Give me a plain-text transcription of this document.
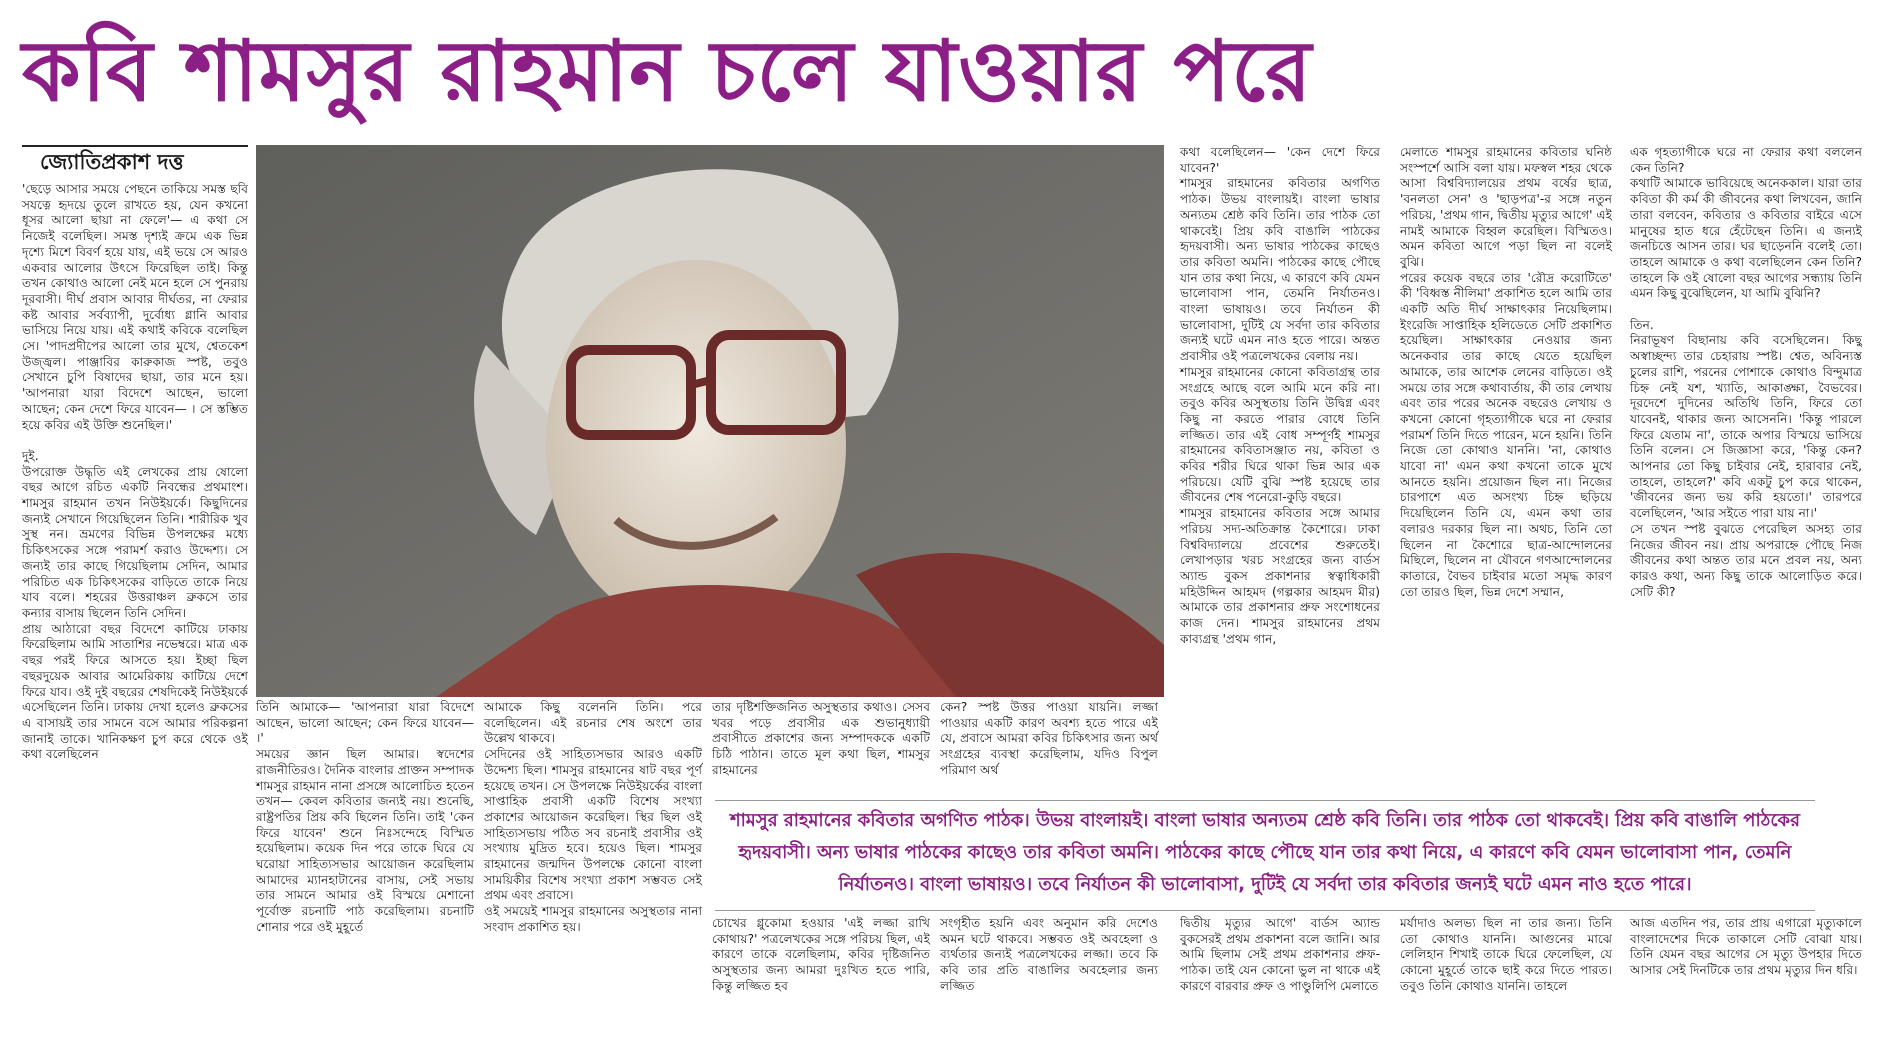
কবি শামসুর রাহমান চলে যাওয়ার পরে
জ্যোতিপ্রকাশ দত্ত

'ছেড়ে আসার সময়ে পেছনে তাকিয়ে সমস্ত ছবি সযত্নে হৃদয়ে তুলে রাখতে হয়, যেন কখনো ধূসর আলো ছায়া না ফেলে'— এ কথা সে নিজেই বলেছিল। সমস্ত দৃশ্যই ক্রমে এক ভিন্ন দৃশ্যে মিশে বিবর্ণ হয়ে যায়, এই ভয়ে সে আরও একবার আলোর উৎসে ফিরেছিল তাই। কিন্তু তখন কোথাও আলো নেই মনে হলে সে পুনরায় দূরবাসী। দীর্ঘ প্রবাস আবার দীর্ঘতর, না ফেরার কষ্ট আবার সর্বব্যাপী, দুর্বোধ্য গ্লানি আবার ভাসিয়ে নিয়ে যায়। এই কথাই কবিকে বলেছিল সে। 'পাদপ্রদীপের আলো তার মুখে, শ্বেতকেশ উজ্জ্বল। পাঞ্জাবির কারুকাজ স্পষ্ট, তবুও সেখানে চুপি বিষাদের ছায়া, তার মনে হয়। 'আপনারা যারা বিদেশে আছেন, ভালো আছেন; কেন দেশে ফিরে যাবেন— । সে স্তম্ভিত হয়ে কবির এই উক্তি শুনেছিল।'

দুই.
উপরোক্ত উদ্ধৃতি এই লেখকের প্রায় ষোলো বছর আগে রচিত একটি নিবন্ধের প্রথমাংশ। শামসুর রাহমান তখন নিউইয়র্কে। কিছুদিনের জন্যই সেখানে গিয়েছিলেন তিনি। শারীরিক খুব সুস্থ নন। ভ্রমণের বিভিন্ন উপলক্ষের মধ্যে চিকিৎসকের সঙ্গে পরামর্শ করাও উদ্দেশ্য। সে জন্যই তার কাছে গিয়েছিলাম সেদিন, আমার পরিচিত এক চিকিৎসকের বাড়িতে তাকে নিয়ে যাব বলে। শহরের উত্তরাঞ্চল ব্রুকসে তার কন্যার বাসায় ছিলেন তিনি সেদিন।
প্রায় আঠারো বছর বিদেশে কাটিয়ে ঢাকায় ফিরেছিলাম আমি সাতাশির নভেম্বরে। মাত্র এক বছর পরই ফিরে আসতে হয়। ইচ্ছা ছিল বছরদুয়েক আবার আমেরিকায় কাটিয়ে দেশে ফিরে যাব। ওই দুই বছরের শেষদিকেই নিউইয়র্কে এসেছিলেন তিনি। ঢাকায় দেখা হলেও ব্রুকসের এ বাসায়ই তার সামনে বসে আমার পরিকল্পনা জানাই তাকে। খানিকক্ষণ চুপ করে থেকে ওই কথা বলেছিলেন

তিনি আমাকে— 'আপনারা যারা বিদেশে আছেন, ভালো আছেন; কেন ফিরে যাবেন— ।'
সময়ের জ্ঞান ছিল আমার। স্বদেশের রাজনীতিরও। দৈনিক বাংলার প্রাক্তন সম্পাদক শামসুর রাহমান নানা প্রসঙ্গে আলোচিত হতেন তখন— কেবল কবিতার জন্যই নয়। শুনেছি, রাষ্ট্রপতির প্রিয় কবি ছিলেন তিনি। তাই 'কেন ফিরে যাবেন' শুনে নিঃসন্দেহে বিস্মিত হয়েছিলাম। কয়েক দিন পরে তাকে ঘিরে যে ঘরোয়া সাহিত্যসভার আয়োজন করেছিলাম আমাদের ম্যানহাটানের বাসায়, সেই সভায় তার সামনে আমার ওই বিস্ময়ে মেশানো পূর্বোক্ত রচনাটি পাঠ করেছিলাম। রচনাটি শোনার পরে ওই মুহূর্তে

আমাকে কিছু বলেননি তিনি। পরে বলেছিলেন। এই রচনার শেষ অংশে তার উল্লেখ থাকবে।
সেদিনের ওই সাহিত্যসভার আরও একটি উদ্দেশ্য ছিল। শামসুর রাহমানের ষাট বছর পূর্ণ হয়েছে তখন। সে উপলক্ষে নিউইয়র্কের বাংলা সাপ্তাহিক প্রবাসী একটি বিশেষ সংখ্যা প্রকাশের আয়োজন করেছিল। স্থির ছিল ওই সাহিত্যসভায় পঠিত সব রচনাই প্রবাসীর ওই সংখ্যায় মুদ্রিত হবে। হয়েও ছিল। শামসুর রাহমানের জন্মদিন উপলক্ষে কোনো বাংলা সাময়িকীর বিশেষ সংখ্যা প্রকাশ সম্ভবত সেই প্রথম এবং প্রবাসে।
ওই সময়েই শামসুর রাহমানের অসুস্থতার নানা সংবাদ প্রকাশিত হয়।

তার দৃষ্টিশক্তিজনিত অসুস্থতার কথাও। সেসব খবর পড়ে প্রবাসীর এক শুভানুধ্যায়ী প্রবাসীতে প্রকাশের জন্য সম্পাদককে একটি চিঠি পাঠান। তাতে মূল কথা ছিল, শামসুর রাহমানের

কেন? স্পষ্ট উত্তর পাওয়া যায়নি। লজ্জা পাওয়ার একটি কারণ অবশ্য হতে পারে এই যে, প্রবাসে আমরা কবির চিকিৎসার জন্য অর্থ সংগ্রহের ব্যবস্থা করেছিলাম, যদিও বিপুল পরিমাণ অর্থ

কথা বলেছিলেন— 'কেন দেশে ফিরে যাবেন?'
শামসুর রাহমানের কবিতার অগণিত পাঠক। উভয় বাংলায়ই। বাংলা ভাষার অন্যতম শ্রেষ্ঠ কবি তিনি। তার পাঠক তো থাকবেই। প্রিয় কবি বাঙালি পাঠকের হৃদয়বাসী। অন্য ভাষার পাঠকের কাছেও তার কবিতা অমনি। পাঠকের কাছে পৌছে যান তার কথা নিয়ে, এ কারণে কবি যেমন ভালোবাসা পান, তেমনি নির্যাতনও। বাংলা ভাষায়ও। তবে নির্যাতন কী ভালোবাসা, দুটিই যে সর্বদা তার কবিতার জন্যই ঘটে এমন নাও হতে পারে। অন্তত প্রবাসীর ওই পত্রলেখকের বেলায় নয়।
শামসুর রাহমানের কোনো কবিতাগ্রন্থ তার সংগ্রহে আছে বলে আমি মনে করি না। তবুও কবির অসুস্থতায় তিনি উদ্বিগ্ন এবং কিছু না করতে পারার বোধে তিনি লজ্জিত। তার এই বোধ সম্পূর্ণই শামসুর রাহমানের কবিতাসঞ্জাত নয়, কবিতা ও কবির শরীর ঘিরে থাকা ভিন্ন আর এক পরিচয়ে। যেটি বুঝি স্পষ্ট হয়েছে তার জীবনের শেষ পনেরো-কুড়ি বছরে।
শামসুর রাহমানের কবিতার সঙ্গে আমার পরিচয় সদ্য-অতিক্রান্ত কৈশোরে। ঢাকা বিশ্ববিদ্যালয়ে প্রবেশের শুরুতেই। লেখাপড়ার খরচ সংগ্রহের জন্য বার্ডস অ্যান্ড বুকস প্রকাশনার স্বত্বাধিকারী মহিউদ্দিন আহমদ (গল্পকার আহমদ মীর) আমাকে তার প্রকাশনার প্রুফ সংশোধনের কাজ দেন। শামসুর রাহমানের প্রথম কাব্যগ্রন্থ 'প্রথম গান,

মেলাতে শামসুর রাহমানের কবিতার ঘনিষ্ঠ সংস্পর্শে আসি বলা যায়। মফস্বল শহর থেকে আসা বিশ্ববিদ্যালয়ের প্রথম বর্ষের ছাত্র, 'বনলতা সেন' ও 'ছাড়পত্র'-র সঙ্গে নতুন পরিচয়, 'প্রথম গান, দ্বিতীয় মৃত্যুর আগে' এই নামই আমাকে বিহ্বল করেছিল। বিস্মিতও। অমন কবিতা আগে পড়া ছিল না বলেই বুঝি।
পরের কয়েক বছরে তার 'রৌদ্র করোটিতে' কী 'বিধ্বস্ত নীলিমা' প্রকাশিত হলে আমি তার একটি অতি দীর্ঘ সাক্ষাৎকার নিয়েছিলাম। ইংরেজি সাপ্তাহিক হলিডেতে সেটি প্রকাশিত হয়েছিল। সাক্ষাৎকার নেওয়ার জন্য অনেকবার তার কাছে যেতে হয়েছিল আমাকে, তার আশেক লেনের বাড়িতে। ওই সময়ে তার সঙ্গে কথাবার্তায়, কী তার লেখায় এবং তার পরের অনেক বছরেও লেখায় ও কখনো কোনো গৃহত্যাগীকে ঘরে না ফেরার পরামর্শ তিনি দিতে পারেন, মনে হয়নি। তিনি নিজে তো কোথাও যাননি। 'না, কোথাও যাবো না' এমন কথা কখনো তাকে মুখে আনতে হয়নি। প্রয়োজন ছিল না। নিজের চারপাশে এত অসংখ্য চিহ্ন ছড়িয়ে দিয়েছিলেন তিনি যে, এমন কথা তার বলারও দরকার ছিল না। অথচ, তিনি তো ছিলেন না কৈশোরে ছাত্র-আন্দোলনের মিছিলে, ছিলেন না যৌবনে গণআন্দোলনের কাতারে, বৈভব চাইবার মতো সমৃদ্ধ কারণ তো তারও ছিল, ভিন্ন দেশে সম্মান,

এক গৃহত্যাগীকে ঘরে না ফেরার কথা বললেন কেন তিনি?
কথাটি আমাকে ভাবিয়েছে অনেককাল। যারা তার কবিতা কী কর্ম কী জীবনের কথা লিখবেন, জানি তারা বলবেন, কবিতার ও কবিতার বাইরে এসে মানুষের হাত ধরে হেঁটেছেন তিনি। এ জন্যই জনচিত্তে আসন তার। ঘর ছাড়েননি বলেই তো। তাহলে আমাকে ও কথা বলেছিলেন কেন তিনি? তাহলে কি ওই ষোলো বছর আগের সন্ধ্যায় তিনি এমন কিছু বুঝেছিলেন, যা আমি বুঝিনি?

তিন.
নিরাভূষণ বিছানায় কবি বসেছিলেন। কিছু অস্বাচ্ছন্দ্য তার চেহারায় স্পষ্ট। শ্বেত, অবিন্যস্ত চুলের রাশি, পরনের পোশাকে কোথাও বিন্দুমাত্র চিহ্ন নেই যশ, খ্যাতি, আকাঙ্ক্ষা, বৈভবের। দূরদেশে দুদিনের অতিথি তিনি, ফিরে তো যাবেনই, থাকার জন্য আসেননি। 'কিন্তু পারলে ফিরে যেতাম না', তাকে অপার বিস্ময়ে ভাসিয়ে তিনি বলেন। সে জিজ্ঞাসা করে, 'কিন্তু কেন? আপনার তো কিছু চাইবার নেই, হারাবার নেই, তাহলে, তাহলে?' কবি একটু চুপ করে থাকেন, 'জীবনের জন্য ভয় করি হয়তো।' তারপরে বলেছিলেন, 'আর সইতে পারা যায় না।'
সে তখন স্পষ্ট বুঝতে পেরেছিল অসহ্য তার নিজের জীবন নয়। প্রায় অপরাহ্নে পৌছে নিজ জীবনের কথা অন্তত তার মনে প্রবল নয়, অন্য কারও কথা, অন্য কিছু তাকে আলোড়িত করে। সেটি কী?

শামসুর রাহমানের কবিতার অগণিত পাঠক। উভয় বাংলায়ই। বাংলা ভাষার অন্যতম শ্রেষ্ঠ কবি তিনি। তার পাঠক তো থাকবেই। প্রিয় কবি বাঙালি পাঠকের হৃদয়বাসী। অন্য ভাষার পাঠকের কাছেও তার কবিতা অমনি। পাঠকের কাছে পৌছে যান তার কথা নিয়ে, এ কারণে কবি যেমন ভালোবাসা পান, তেমনি নির্যাতনও। বাংলা ভাষায়ও। তবে নির্যাতন কী ভালোবাসা, দুটিই যে সর্বদা তার কবিতার জন্যই ঘটে এমন নাও হতে পারে।

চোখের গ্লুকোমা হওয়ার 'এই লজ্জা রাখি কোথায়?' পত্রলেখকের সঙ্গে পরিচয় ছিল, এই কারণে তাকে বলেছিলাম, কবির দৃষ্টিজনিত অসুস্থতার জন্য আমরা দুঃখিত হতে পারি, কিন্তু লজ্জিত হব

সংগৃহীত হয়নি এবং অনুমান করি দেশেও অমন ঘটে থাকবে। সম্ভবত ওই অবহেলা ও ব্যর্থতার জন্যই পত্রলেখকের লজ্জা। তবে কি কবি তার প্রতি বাঙালির অবহেলার জন্য লজ্জিত

দ্বিতীয় মৃত্যুর আগে' বার্ডস অ্যান্ড বুকসেরই প্রথম প্রকাশনা বলে জানি। আর আমি ছিলাম সেই প্রথম প্রকাশনার প্রুফ-পাঠক। তাই যেন কোনো ভুল না থাকে এই কারণে বারবার প্রুফ ও পাণ্ডুলিপি মেলাতে

মর্যাদাও অলভ্য ছিল না তার জন্য। তিনি তো কোথাও যাননি। আগুনের মাঝে লেলিহান শিখাই তাকে ঘিরে ফেলেছিল, যে কোনো মুহূর্তে তাকে ছাই করে দিতে পারত। তবুও তিনি কোথাও যাননি। তাহলে

আজ এতদিন পর, তার প্রায় এগারো মৃত্যুকালে বাংলাদেশের দিকে তাকালে সেটি বোঝা যায়। তিনি যেমন বছর আগের সে মৃত্যু উপহার দিতে আসার সেই দিনটিকে তার প্রথম মৃত্যুর দিন ধরি।
